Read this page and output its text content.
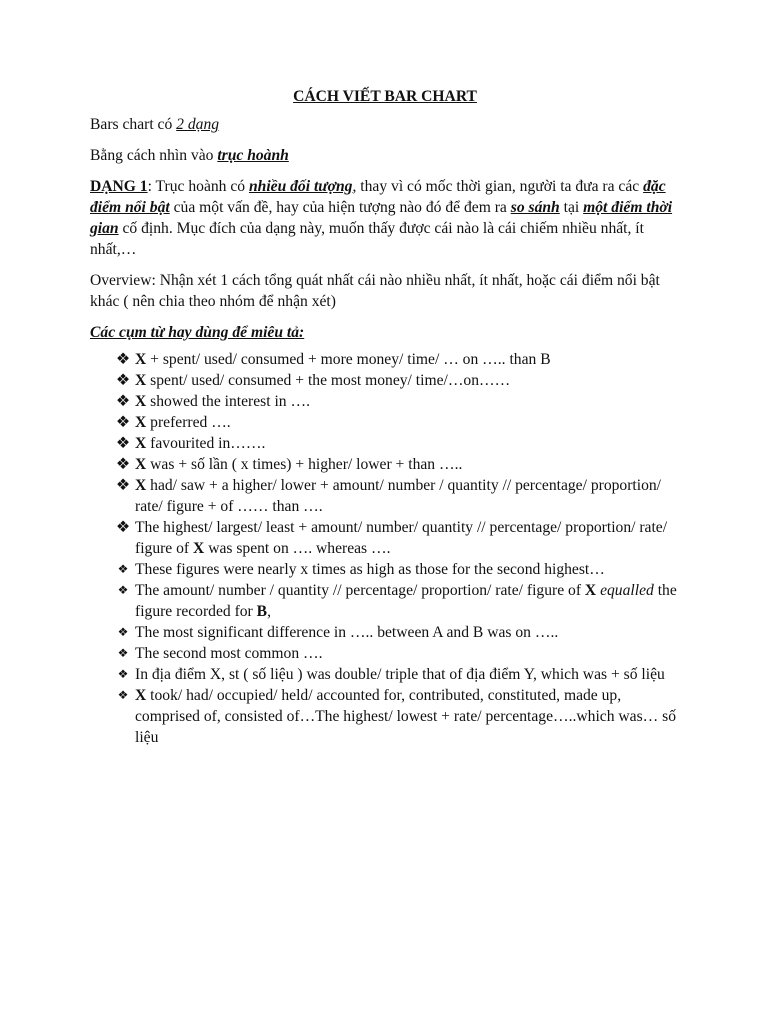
CÁCH VIẾT BAR CHART

Bars chart có 2 dạng

Bằng cách nhìn vào trục hoành

DẠNG 1: Trục hoành có nhiều đối tượng, thay vì có mốc thời gian, người ta đưa ra các đặc điểm nổi bật của một vấn đề, hay của hiện tượng nào đó để đem ra so sánh tại một điểm thời gian cố định. Mục đích của dạng này, muốn thấy được cái nào là cái chiếm nhiều nhất, ít nhất,…

Overview: Nhận xét 1 cách tổng quát nhất cái nào nhiều nhất, ít nhất, hoặc cái điểm nổi bật khác ( nên chia theo nhóm để nhận xét)

Các cụm từ hay dùng để miêu tả:

❖ X + spent/ used/ consumed + more money/ time/ … on ….. than B
❖ X spent/ used/ consumed + the most money/ time/…on……
❖ X showed the interest in ….
❖ X preferred ….
❖ X favourited in…….
❖ X was + số lần ( x times) + higher/ lower + than …..
❖ X had/ saw + a higher/ lower + amount/ number / quantity // percentage/ proportion/ rate/ figure + of …… than ….
❖ The highest/ largest/ least + amount/ number/ quantity // percentage/ proportion/ rate/ figure of X was spent on …. whereas ….
❖ These figures were nearly x times as high as those for the second highest…
❖ The amount/ number / quantity // percentage/ proportion/ rate/ figure of X equalled the figure recorded for B,
❖ The most significant difference in ….. between A and B was on …..
❖ The second most common ….
❖ In địa điểm X, st ( số liệu ) was double/ triple that of địa điểm Y, which was + số liệu
❖ X took/ had/ occupied/ held/ accounted for, contributed, constituted, made up, comprised of, consisted of…The highest/ lowest + rate/ percentage…..which was… số liệu
